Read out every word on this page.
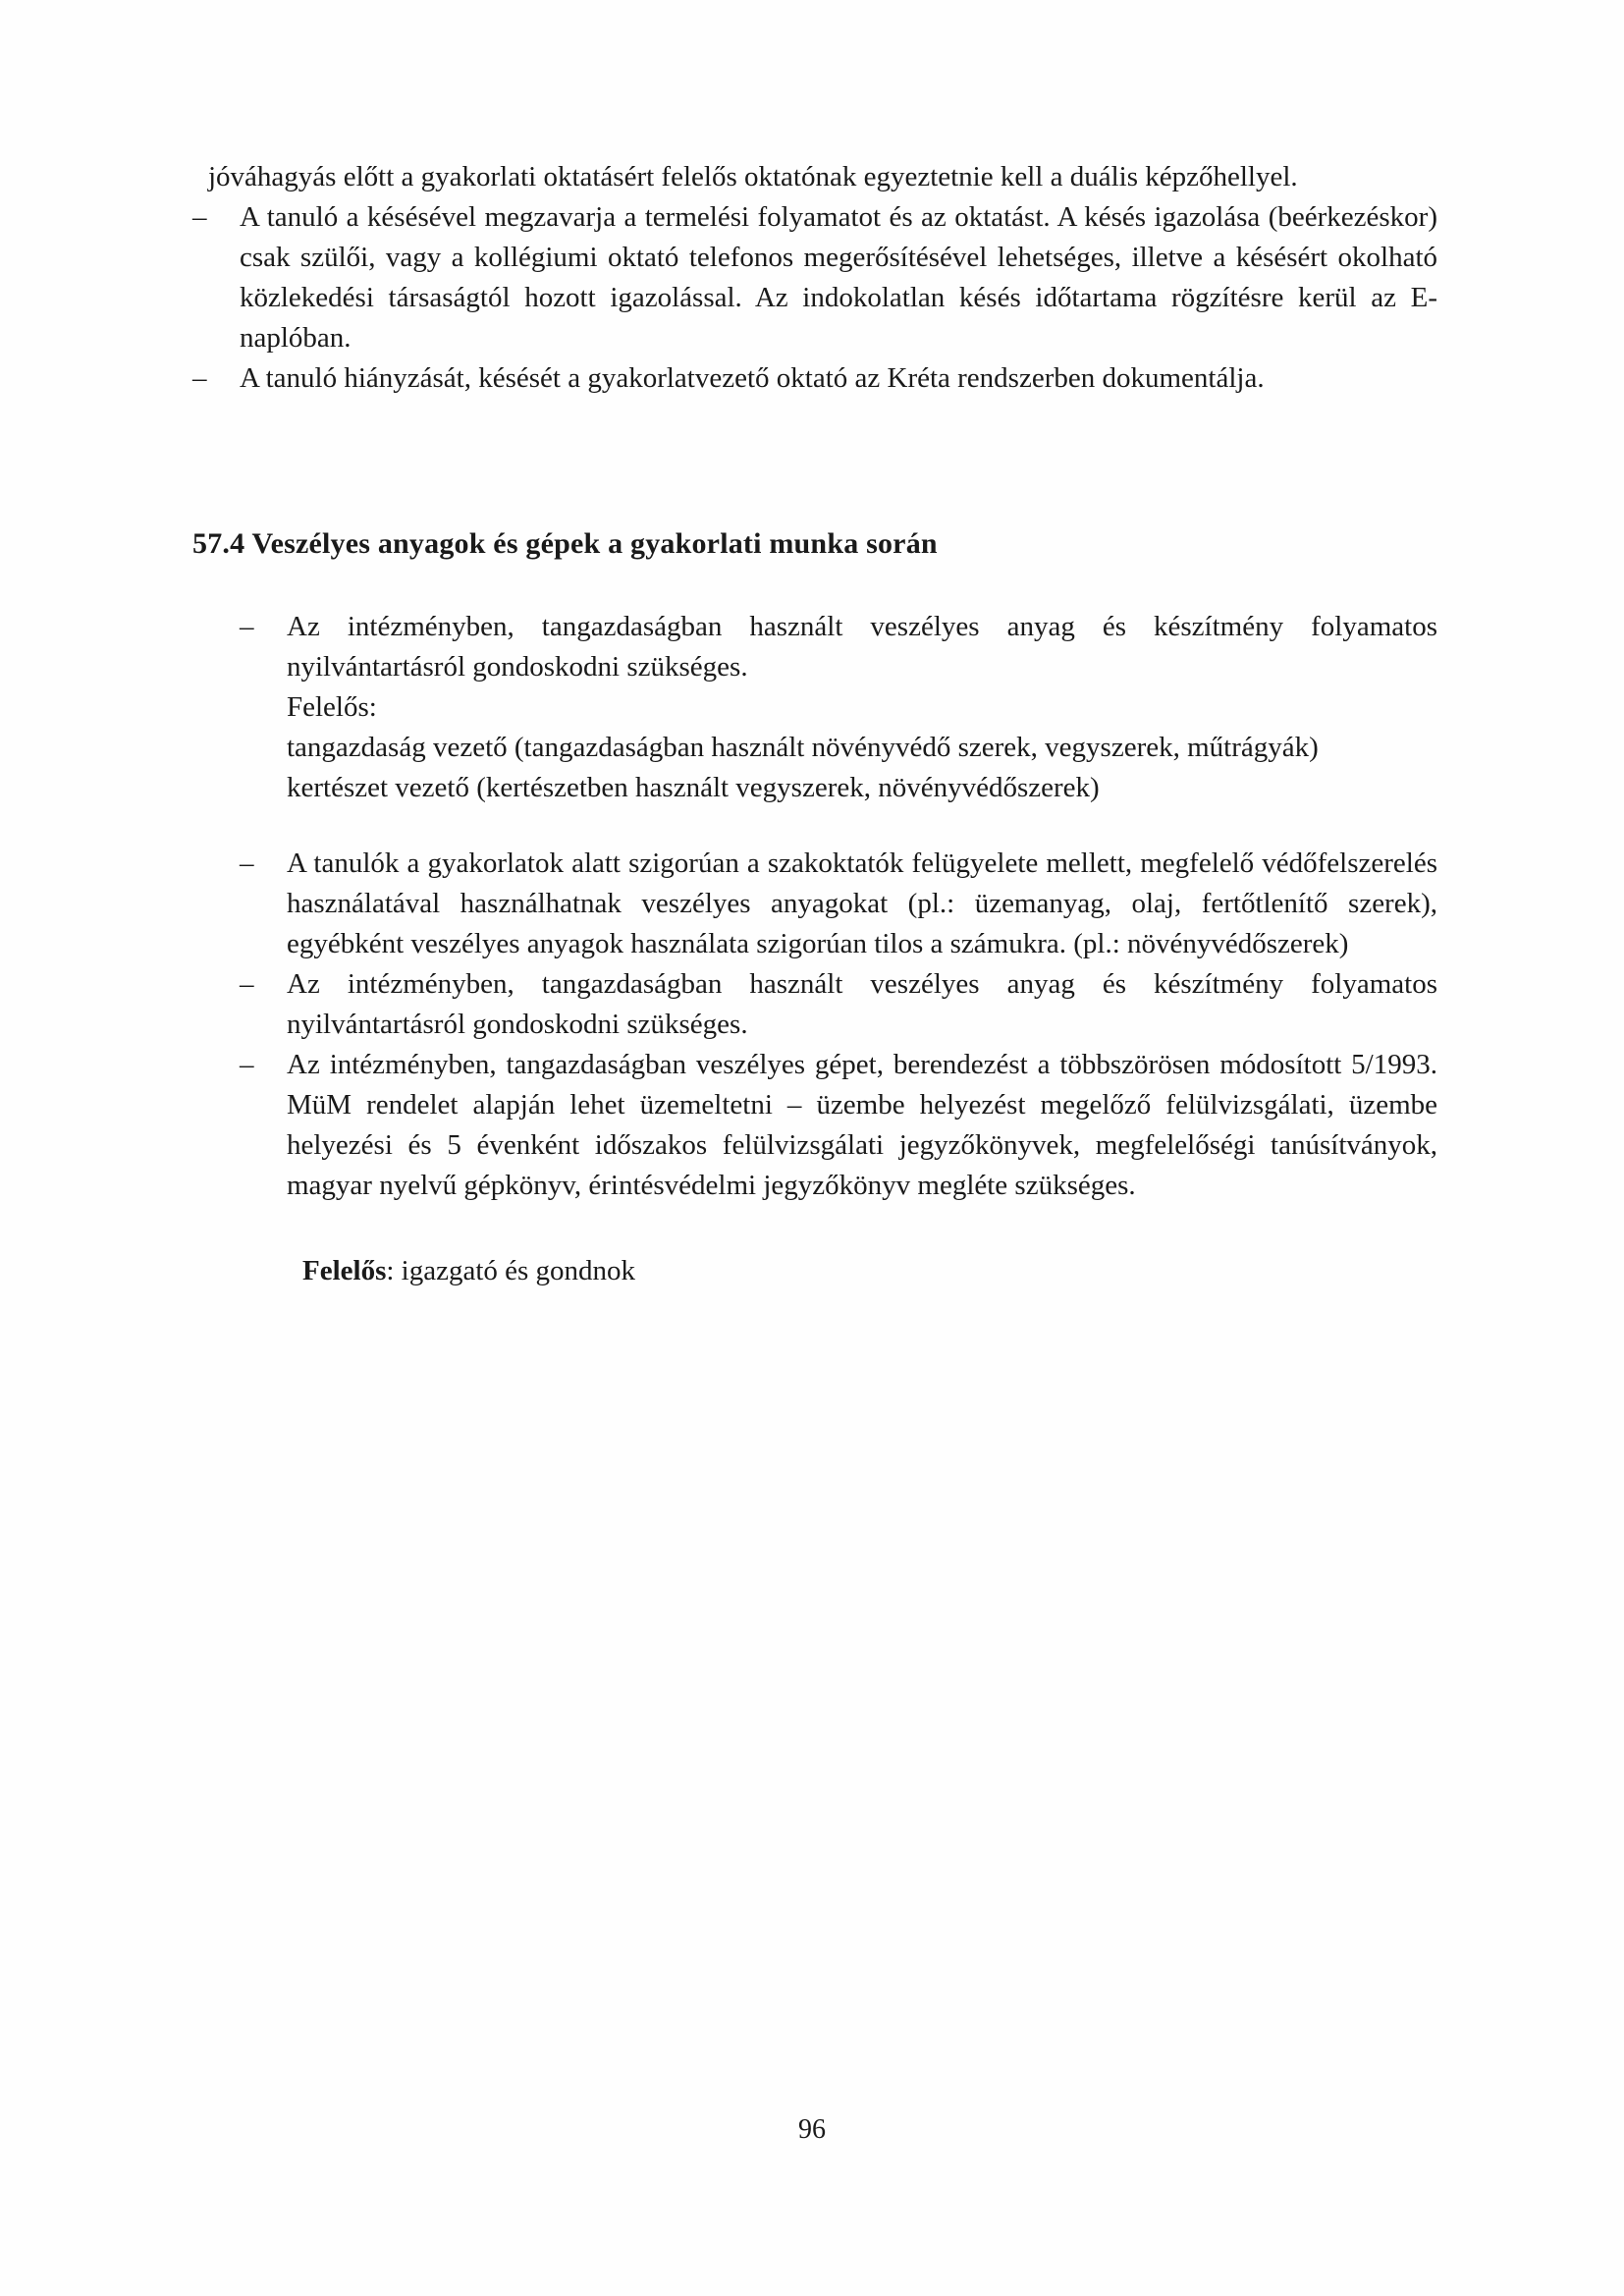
jóváhagyás előtt a gyakorlati oktatásért felelős oktatónak egyeztetnie kell a duális képzőhellyel.

– A tanuló a késésével megzavarja a termelési folyamatot és az oktatást. A késés igazolása (beérkezéskor) csak szülői, vagy a kollégiumi oktató telefonos megerősítésével lehetséges, illetve a késésért okolható közlekedési társaságtól hozott igazolással. Az indokolatlan késés időtartama rögzítésre kerül az E-naplóban.
– A tanuló hiányzását, késését a gyakorlatvezető oktató az Kréta rendszerben dokumentálja.
57.4 Veszélyes anyagok és gépek a gyakorlati munka során
– Az intézményben, tangazdaságban használt veszélyes anyag és készítmény folyamatos nyilvántartásról gondoskodni szükséges.

Felelős:

tangazdaság vezető (tangazdaságban használt növényvédő szerek, vegyszerek, műtrágyák)

kertészet vezető (kertészetben használt vegyszerek, növényvédőszerek)

– A tanulók a gyakorlatok alatt szigorúan a szakoktatók felügyelete mellett, megfelelő védőfelszerelés használatával használhatnak veszélyes anyagokat (pl.: üzemanyag, olaj, fertőtlenítő szerek), egyébként veszélyes anyagok használata szigorúan tilos a számukra. (pl.: növényvédőszerek)
– Az intézményben, tangazdaságban használt veszélyes anyag és készítmény folyamatos nyilvántartásról gondoskodni szükséges.
– Az intézményben, tangazdaságban veszélyes gépet, berendezést a többszörösen módosított 5/1993. MüM rendelet alapján lehet üzemeltetni – üzembe helyezést megelőző felülvizsgálati, üzembe helyezési és 5 évenként időszakos felülvizsgálati jegyzőkönyvek, megfelelőségi tanúsítványok, magyar nyelvű gépkönyv, érintésvédelmi jegyzőkönyv megléte szükséges.

Felelős: igazgató és gondnok

96
